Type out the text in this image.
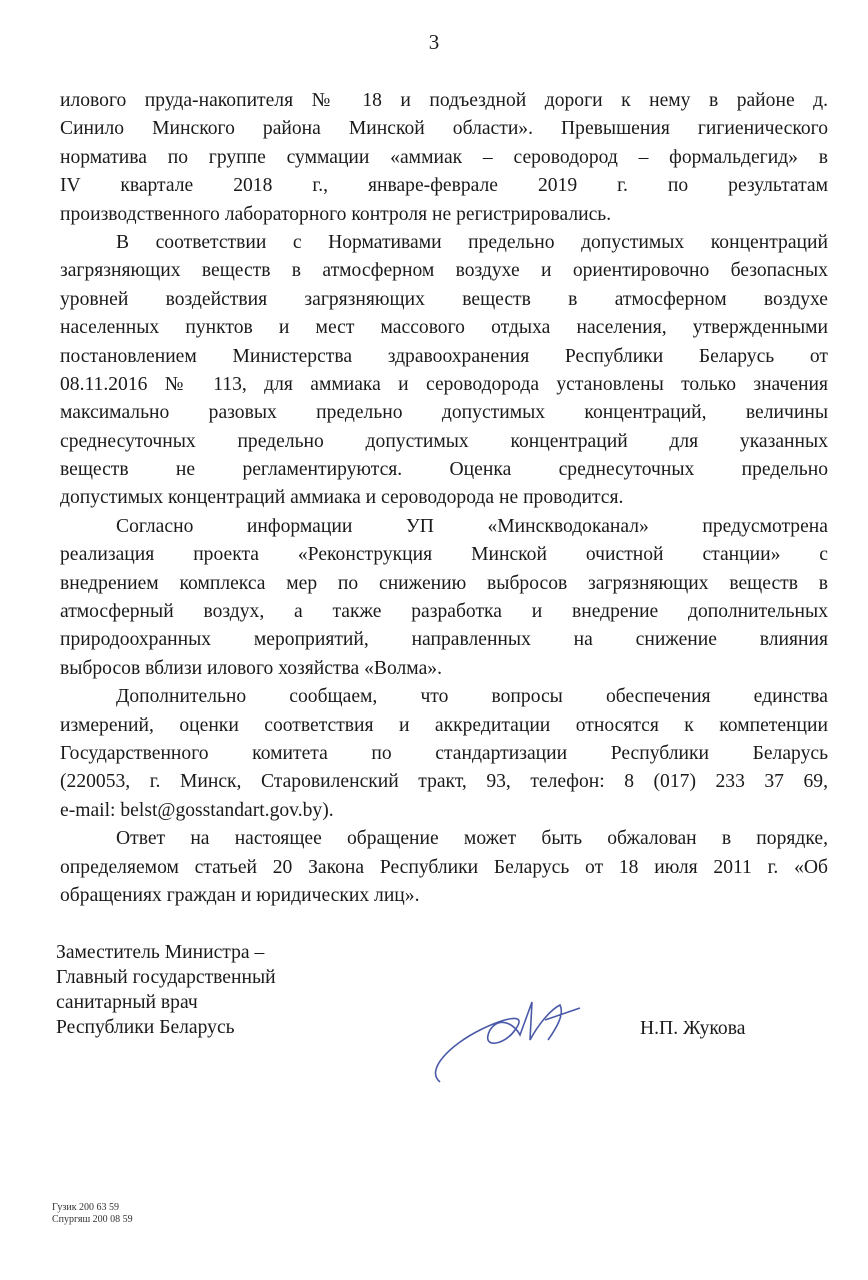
3
илового пруда-накопителя № 18 и подъездной дороги к нему в районе д.
Синило Минского района Минской области». Превышения гигиенического
норматива по группе суммации «аммиак – сероводород – формальдегид» в
IV квартале 2018 г., январе-феврале 2019 г. по результатам
производственного лабораторного контроля не регистрировались.
В соответствии с Нормативами предельно допустимых концентраций
загрязняющих веществ в атмосферном воздухе и ориентировочно безопасных
уровней воздействия загрязняющих веществ в атмосферном воздухе
населенных пунктов и мест массового отдыха населения, утвержденными
постановлением Министерства здравоохранения Республики Беларусь от
08.11.2016 № 113, для аммиака и сероводорода установлены только значения
максимально разовых предельно допустимых концентраций, величины
среднесуточных предельно допустимых концентраций для указанных
веществ не регламентируются. Оценка среднесуточных предельно
допустимых концентраций аммиака и сероводорода не проводится.
Согласно информации УП «Минскводоканал» предусмотрена
реализация проекта «Реконструкция Минской очистной станции» с
внедрением комплекса мер по снижению выбросов загрязняющих веществ в
атмосферный воздух, а также разработка и внедрение дополнительных
природоохранных мероприятий, направленных на снижение влияния
выбросов вблизи илового хозяйства «Волма».
Дополнительно сообщаем, что вопросы обеспечения единства
измерений, оценки соответствия и аккредитации относятся к компетенции
Государственного комитета по стандартизации Республики Беларусь
(220053, г. Минск, Старовиленский тракт, 93, телефон: 8 (017) 233 37 69,
e-mail: belst@gosstandart.gov.by).
Ответ на настоящее обращение может быть обжалован в порядке,
определяемом статьей 20 Закона Республики Беларусь от 18 июля 2011 г. «Об
обращениях граждан и юридических лиц».
Заместитель Министра –
Главный государственный
санитарный врач
Республики Беларусь	Н.П. Жукова
Гузик 200 63 59
Спургяш 200 08 59
